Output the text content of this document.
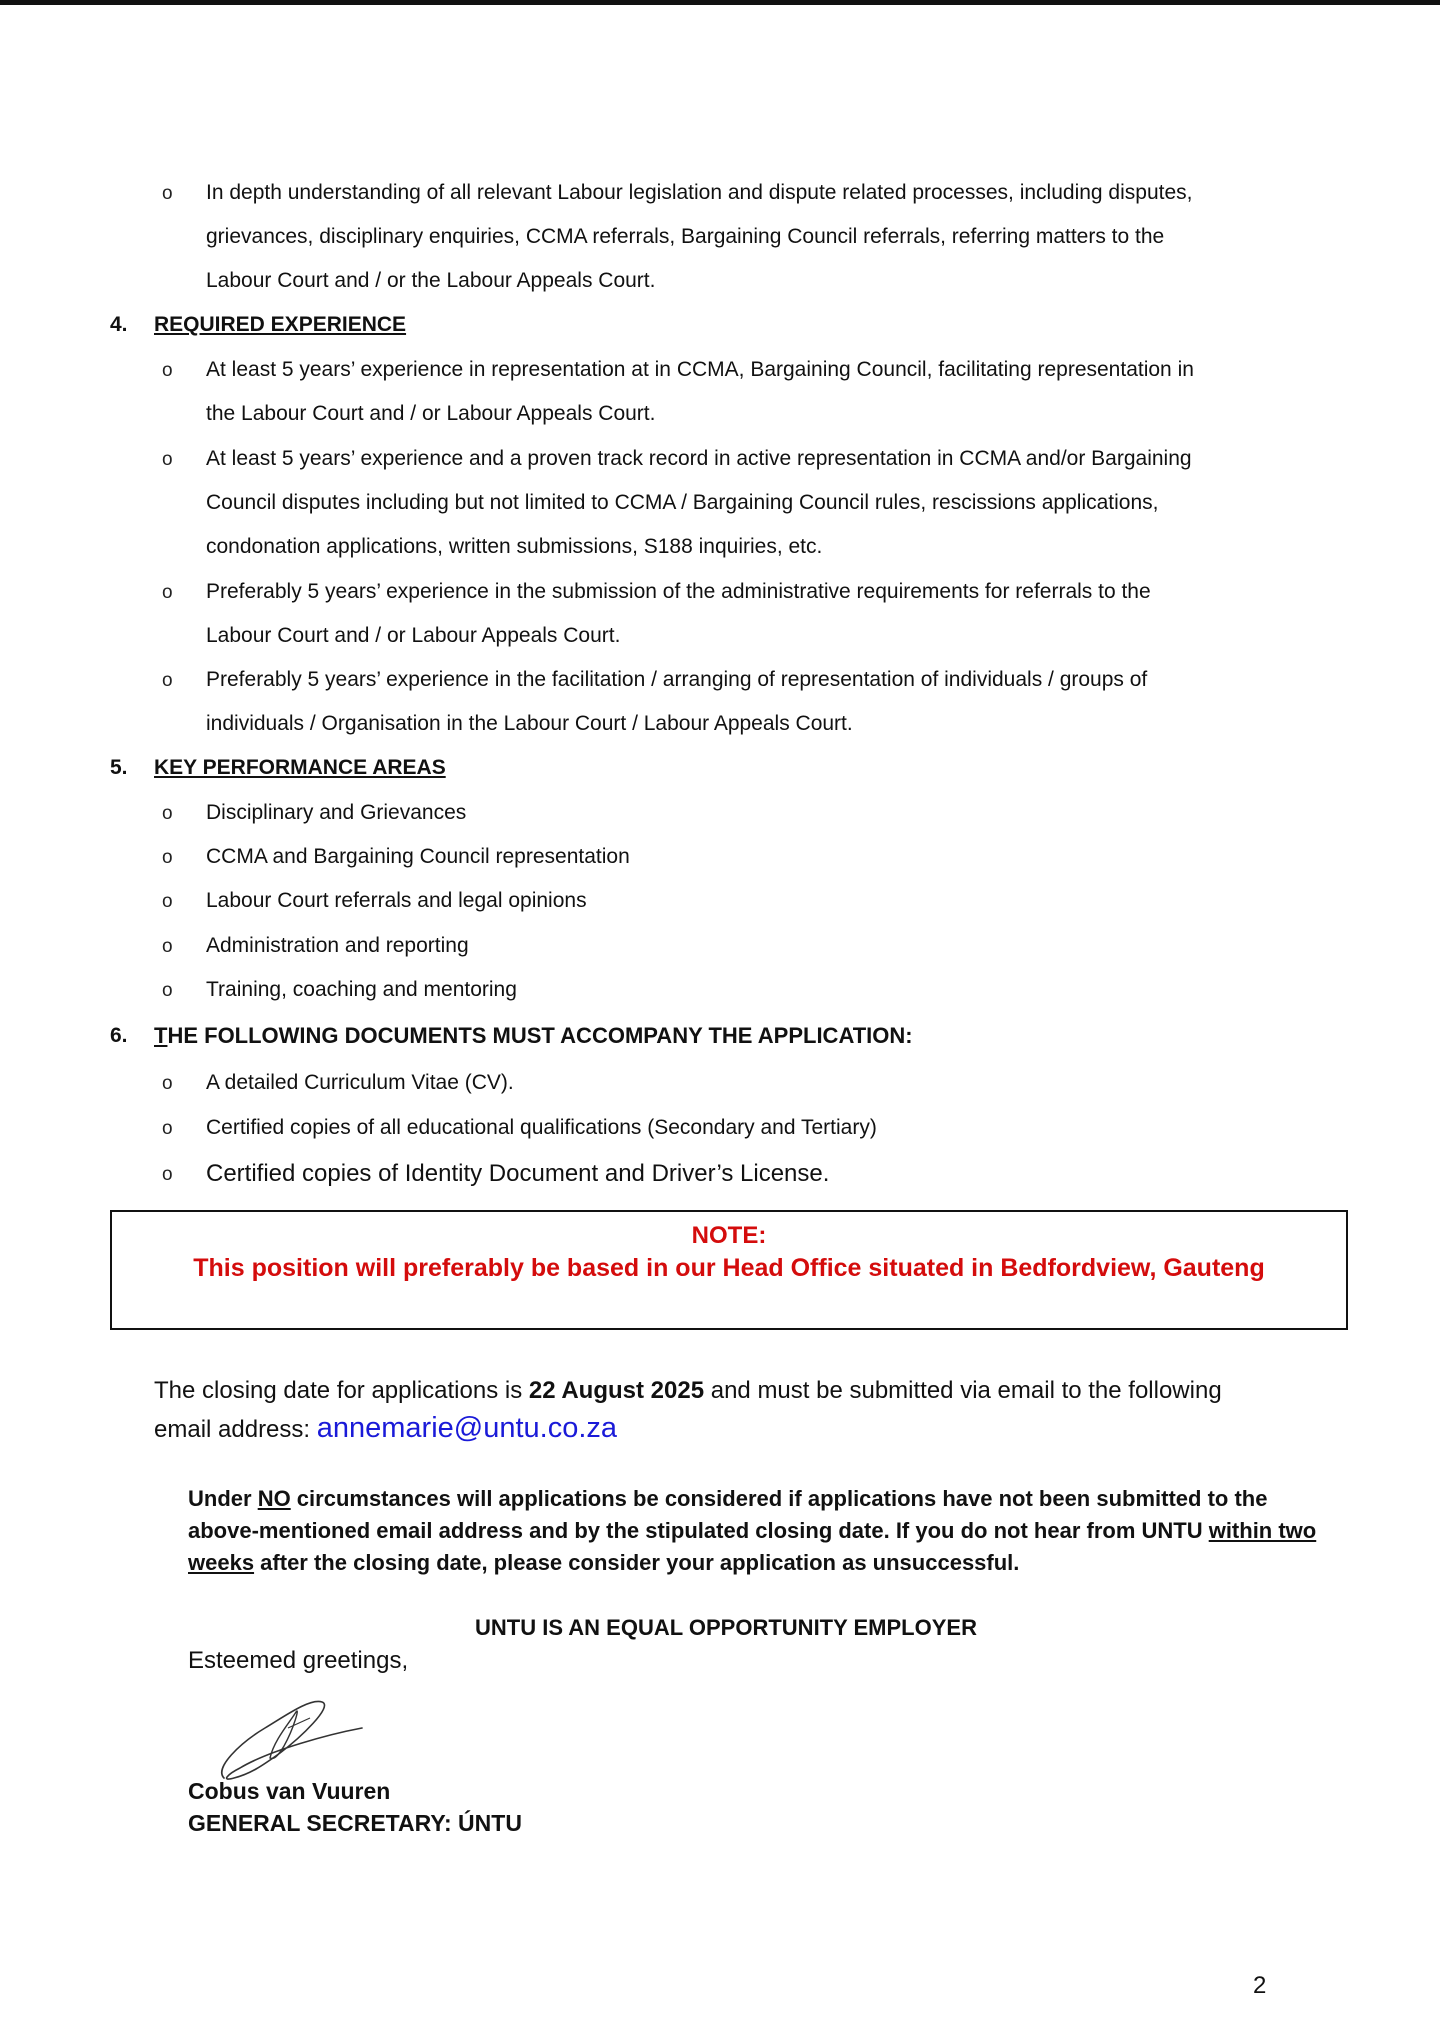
o In depth understanding of all relevant Labour legislation and dispute related processes, including disputes,
grievances, disciplinary enquiries, CCMA referrals, Bargaining Council referrals, referring matters to the
Labour Court and / or the Labour Appeals Court.
4. REQUIRED EXPERIENCE
o At least 5 years’ experience in representation at in CCMA, Bargaining Council, facilitating representation in
the Labour Court and / or Labour Appeals Court.
o At least 5 years’ experience and a proven track record in active representation in CCMA and/or Bargaining
Council disputes including but not limited to CCMA / Bargaining Council rules, rescissions applications,
condonation applications, written submissions, S188 inquiries, etc.
o Preferably 5 years’ experience in the submission of the administrative requirements for referrals to the
Labour Court and / or Labour Appeals Court.
o Preferably 5 years’ experience in the facilitation / arranging of representation of individuals / groups of
individuals / Organisation in the Labour Court / Labour Appeals Court.
5. KEY PERFORMANCE AREAS
o Disciplinary and Grievances
o CCMA and Bargaining Council representation
o Labour Court referrals and legal opinions
o Administration and reporting
o Training, coaching and mentoring
6. THE FOLLOWING DOCUMENTS MUST ACCOMPANY THE APPLICATION:
o A detailed Curriculum Vitae (CV).
o Certified copies of all educational qualifications (Secondary and Tertiary)
o Certified copies of Identity Document and Driver’s License.
NOTE:
This position will preferably be based in our Head Office situated in Bedfordview, Gauteng
The closing date for applications is 22 August 2025 and must be submitted via email to the following
email address: annemarie@untu.co.za
Under NO circumstances will applications be considered if applications have not been submitted to the above-mentioned email address and by the stipulated closing date. If you do not hear from UNTU within two weeks after the closing date, please consider your application as unsuccessful.
UNTU IS AN EQUAL OPPORTUNITY EMPLOYER
Esteemed greetings,
Cobus van Vuuren
GENERAL SECRETARY: ÚNTU
2
